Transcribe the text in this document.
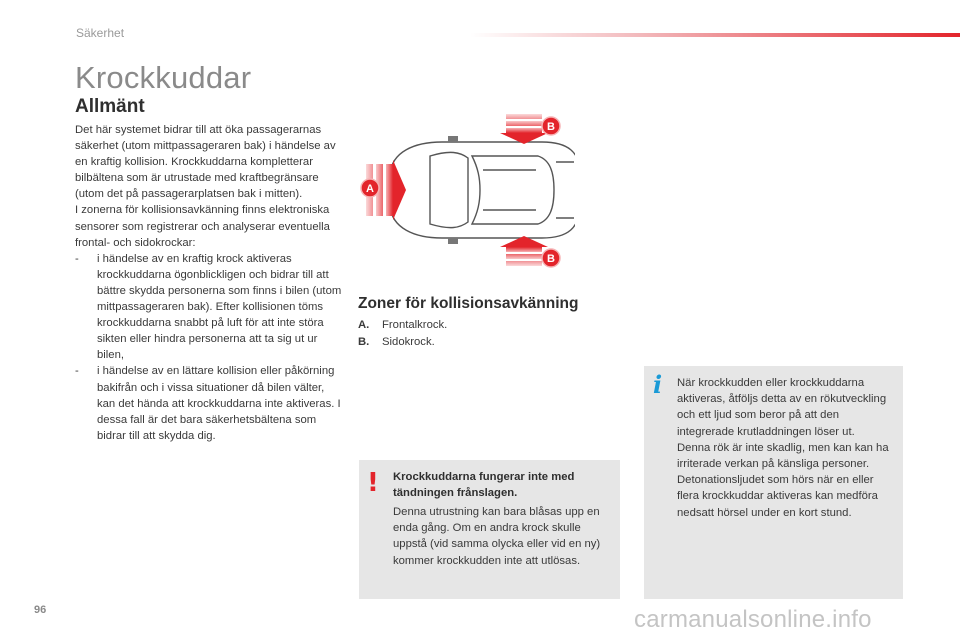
Säkerhet
Krockkuddar
Allmänt

Det här systemet bidrar till att öka passagerarnas säkerhet (utom mittpassageraren bak) i händelse av en kraftig kollision. Krockkuddarna kompletterar bilbältena som är utrustade med kraftbegränsare (utom det på passagerarplatsen bak i mitten).

I zonerna för kollisionsavkänning finns elektroniska sensorer som registrerar och analyserar eventuella frontal- och sidokrockar:

- i händelse av en kraftig krock aktiveras krockkuddarna ögonblickligen och bidrar till att bättre skydda personerna som finns i bilen (utom mittpassageraren bak). Efter kollisionen töms krockkuddarna snabbt på luft för att inte störa sikten eller hindra personerna att ta sig ut ur bilen,
- i händelse av en lättare kollision eller påkörning bakifrån och i vissa situationer då bilen välter, kan det hända att krockkuddarna inte aktiveras. I dessa fall är det bara säkerhetsbältena som bidrar till att skydda dig.
A
B
B
Zoner för kollisionsavkänning
A. Frontalkrock.
B. Sidokrock.
! Krockkuddarna fungerar inte med tändningen frånslagen.
Denna utrustning kan bara blåsas upp en enda gång. Om en andra krock skulle uppstå (vid samma olycka eller vid en ny) kommer krockkudden inte att utlösas.
i När krockkudden eller krockkuddarna aktiveras, åtföljs detta av en rökutveckling och ett ljud som beror på att den integrerade krutladdningen löser ut.

Denna rök är inte skadlig, men kan kan ha irriterade verkan på känsliga personer.

Detonationsljudet som hörs när en eller flera krockkuddar aktiveras kan medföra nedsatt hörsel under en kort stund.

96	carmanualsonline.info
